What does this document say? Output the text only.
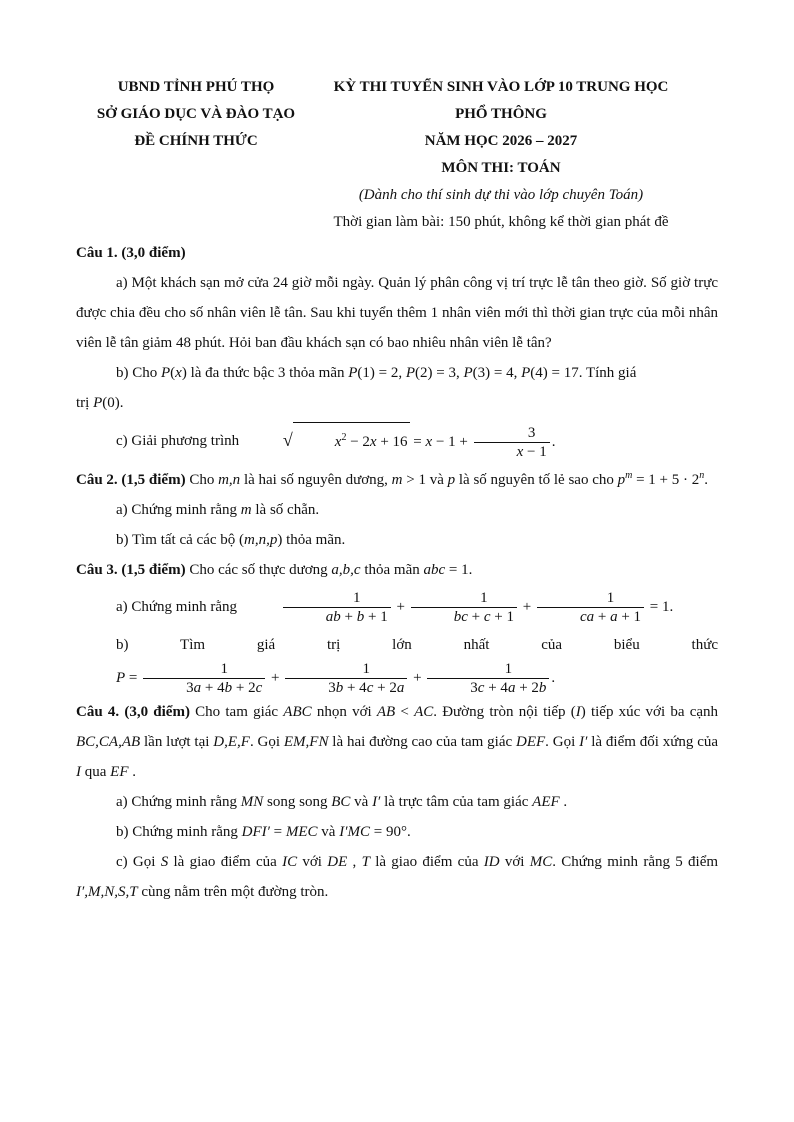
UBND TỈNH PHÚ THỌ
SỞ GIÁO DỤC VÀ ĐÀO TẠO
ĐỀ CHÍNH THỨC
KỲ THI TUYỂN SINH VÀO LỚP 10 TRUNG HỌC
PHỔ THÔNG
NĂM HỌC 2026 – 2027
MÔN THI: TOÁN
(Dành cho thí sinh dự thi vào lớp chuyên Toán)
Thời gian làm bài: 150 phút, không kể thời gian phát đề

Câu 1. (3,0 điểm)

a) Một khách sạn mở cửa 24 giờ mỗi ngày. Quản lý phân công vị trí trực lễ tân theo giờ. Số giờ trực được chia đều cho số nhân viên lễ tân. Sau khi tuyển thêm 1 nhân viên mới thì thời gian trực của mỗi nhân viên lễ tân giảm 48 phút. Hỏi ban đầu khách sạn có bao nhiêu nhân viên lễ tân?

b) Cho P(x) là đa thức bậc 3 thỏa mãn P(1) = 2, P(2) = 3, P(3) = 4, P(4) = 17. Tính giá

trị P(0).

c) Giải phương trình √	$x^2 - 2x + 16 = x - 1 + \frac{3}{x - 1}$ .

Câu 2. (1,5 điểm) Cho m,n là hai số nguyên dương, m > 1 và p là số nguyên tố lẻ sao cho $p^m = 1 + 5 \cdot 2^n$.

a) Chứng minh rằng m là số chẵn.

b) Tìm tất cả các bộ (m,n,p) thỏa mãn.

Câu 3. (1,5 điểm) Cho các số thực dương a,b,c thỏa mãn abc = 1.

a) Chứng minh rằng	$\frac{1}{ab + b + 1} + \frac{1}{bc + c + 1} + \frac{1}{ca + a + 1} = 1$.

b) Tìm giá trị lớn nhất của biểu thức $P = \frac{1}{3a + 4b + 2c} + \frac{1}{3b + 4c + 2a} + \frac{1}{3c + 4a + 2b}$ .

Câu 4. (3,0 điểm) Cho tam giác ABC nhọn với AB < AC. Đường tròn nội tiếp (I) tiếp xúc với ba cạnh BC,CA,AB lần lượt tại D,E,F. Gọi EM,FN là hai đường cao của tam giác DEF. Gọi I′ là điểm đối xứng của I qua EF .

a) Chứng minh rằng MN song song BC và I′ là trực tâm của tam giác AEF .

b) Chứng minh rằng DFI′ = MEC và I′MC = 90°.

c) Gọi S là giao điểm của IC với DE , T là giao điểm của ID với MC. Chứng minh rằng 5 điểm I′,M,N,S,T cùng nằm trên một đường tròn.
